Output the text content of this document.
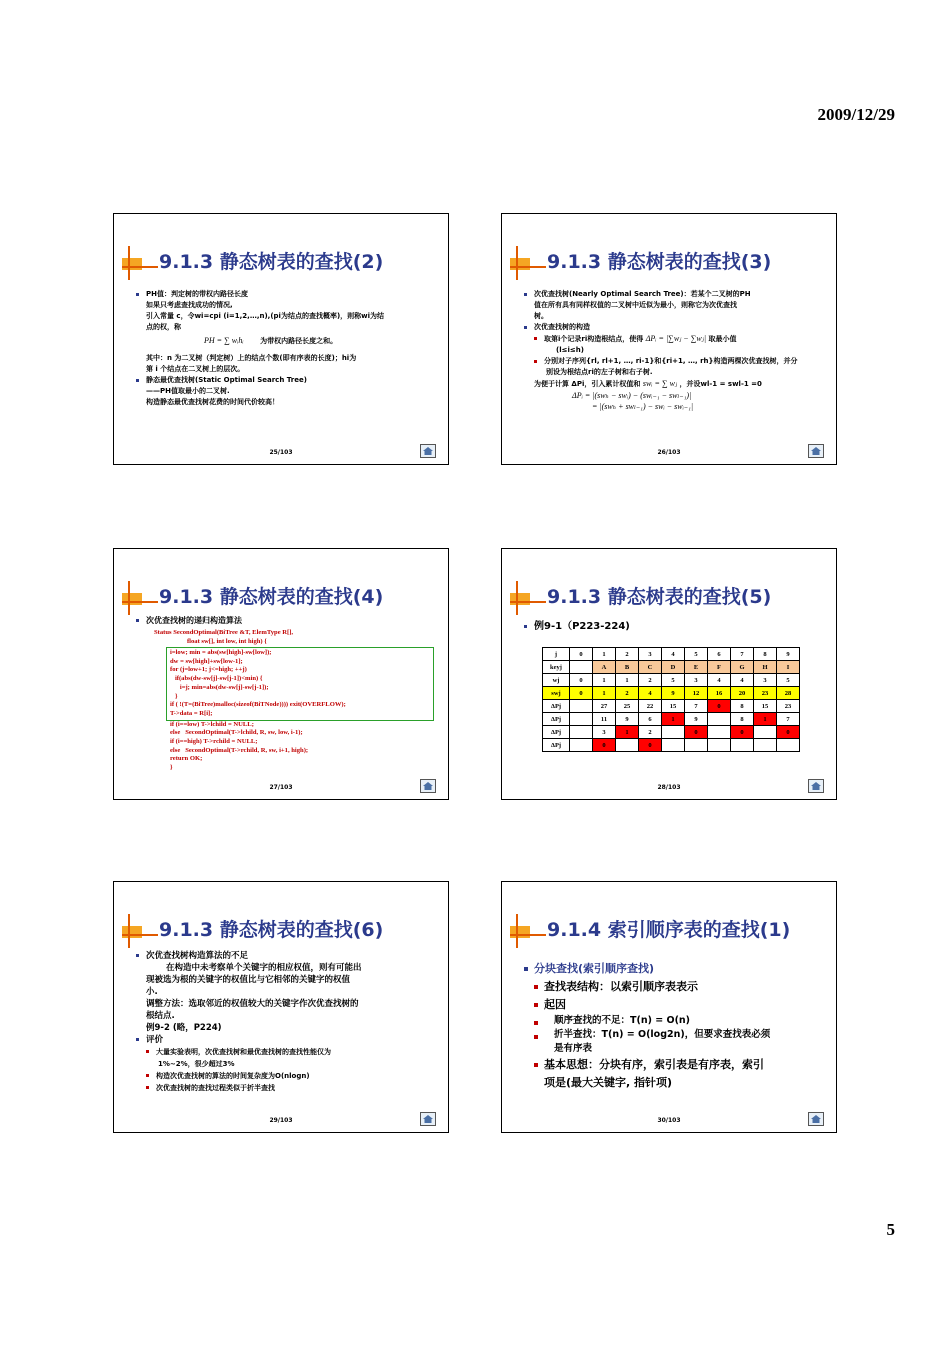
2009/12/29
9.1.3 静态树表的查找(2)
PH值：判定树的带权内路径长度
如果只考虑查找成功的情况,
引入常量 c，令wi=cpi (i=1,2,…,n),(pi为结点的查找概率)，则称wi为结
点的权，称
PH = ∑ wᵢhᵢ 为带权内路径长度之和。
其中：n 为二叉树（判定树）上的结点个数(即有序表的长度)；hi为
第 i 个结点在二叉树上的层次。
静态最优查找树(Static Optimal Search Tree)
——PH值取最小的二叉树.
构造静态最优查找树花费的时间代价较高！
25/103
9.1.3 静态树表的查找(3)
次优查找树(Nearly Optimal Search Tree)：若某个二叉树的PH
值在所有具有同样权值的二叉树中近似为最小，则称它为次优查找
树。
次优查找树的构造
取第i个记录ri构造根结点，使得 ΔPᵢ = |∑wⱼ − ∑wⱼ| 取最小值
(l≤i≤h)
分别对子序列{rl, rl+1, …, ri-1}和{ri+1, …, rh}构造两棵次优查找树，并分
别设为根结点ri的左子树和右子树.
为便于计算 ΔPi，引入累计权值和 swᵢ = ∑ wⱼ ，并设wl-1 = swl-1 =0
ΔPᵢ = |(swₕ − swᵢ) − (swᵢ₋₁ − swₗ₋₁)|
= |(swₕ + swₗ₋₁) − swᵢ − swᵢ₋₁|
26/103
9.1.3 静态树表的查找(4)
次优查找树的递归构造算法
Status SecondOptimal(BiTree &T, ElemType R[],
float sw[], int low, int high) {
i=low; min = abs(sw[high]-sw[low]);
dw = sw[high]+sw[low-1];
for (j=low+1; j<=high; ++j)
if(abs(dw-sw[j]-sw[j-1])<min) {
i=j; min=abs(dw-sw[j]-sw[j-1]);
}
if ( !(T=(BiTree)malloc(sizeof(BiTNode)))) exit(OVERFLOW);
T->data = R[i];
if (i==low) T->lchild = NULL;
else   SecondOptimal(T->lchild, R, sw, low, i-1);
if (i==high) T->rchild = NULL;
else   SecondOptimal(T->rchild, R, sw, i+1, high);
return OK;
}
27/103
9.1.3 静态树表的查找(5)
例9-1（P223-224)
j	0	1	2	3	4	5	6	7	8	9
keyj		A	B	C	D	E	F	G	H	I
wj	0	1	1	2	5	3	4	4	3	5
swj	0	1	2	4	9	12	16	20	23	28
ΔPj		27	25	22	15	7	0	8	15	23
ΔPj		11	9	6	1	9		8	1	7
ΔPj		3	1	2		0		0		0
ΔPj		0		0						
28/103
9.1.3 静态树表的查找(6)
次优查找树构造算法的不足
在构造中未考察单个关键字的相应权值，则有可能出
现被选为根的关键字的权值比与它相邻的关键字的权值
小.
调整方法：选取邻近的权值较大的关键字作次优查找树的
根结点.
例9-2 (略，P224)
评价
大量实验表明，次优查找树和最优查找树的查找性能仅为
1%~2%，很少超过3%
构造次优查找树的算法的时间复杂度为O(nlogn)
次优查找树的查找过程类似于折半查找
29/103
9.1.4 索引顺序表的查找(1)
分块查找(索引顺序查找)
查找表结构：以索引顺序表表示
起因
顺序查找的不足：T(n) = O(n)
折半查找：T(n) = O(log2n)，但要求查找表必须
是有序表
基本思想：分块有序，索引表是有序表，索引
项是(最大关键字, 指针项)
30/103
5
